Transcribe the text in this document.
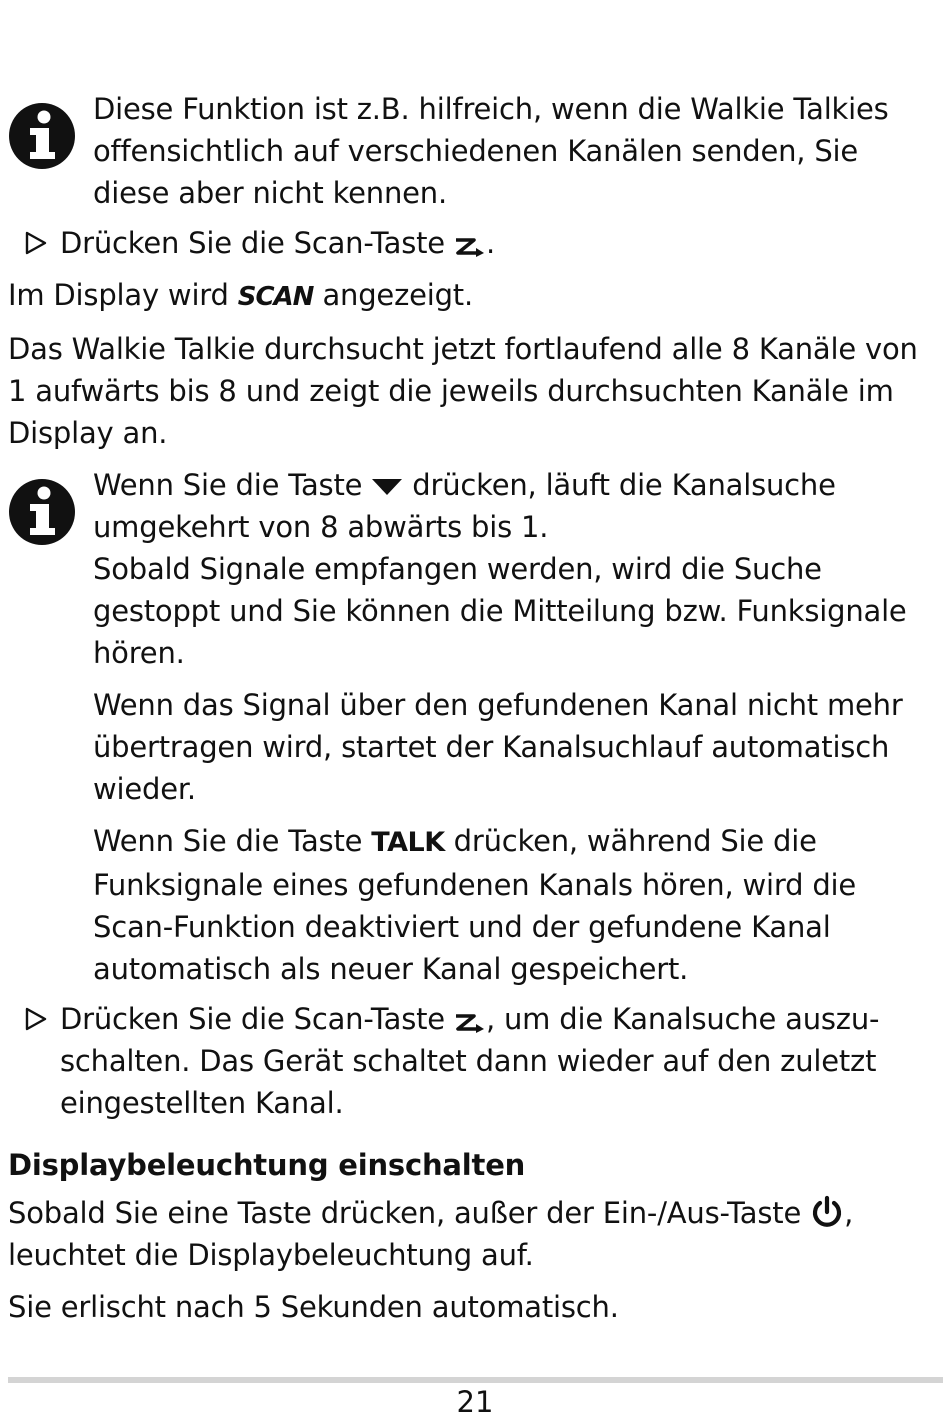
Diese Funktion ist z.B. hilfreich, wenn die Walkie Talkies offensichtlich auf verschiedenen Kanälen senden, Sie diese aber nicht kennen.

Drücken Sie die Scan-Taste .

Im Display wird SCAN angezeigt.

Das Walkie Talkie durchsucht jetzt fortlaufend alle 8 Kanäle von 1 aufwärts bis 8 und zeigt die jeweils durchsuchten Kanäle im Display an.

Wenn Sie die Taste  drücken, läuft die Kanalsuche umgekehrt von 8 abwärts bis 1.

Sobald Signale empfangen werden, wird die Suche gestoppt und Sie können die Mitteilung bzw. Funksignale hören.

Wenn das Signal über den gefundenen Kanal nicht mehr übertragen wird, startet der Kanalsuchlauf automatisch wieder.

Wenn Sie die Taste TALK drücken, während Sie die Funksignale eines gefundenen Kanals hören, wird die Scan-Funktion deaktiviert und der gefundene Kanal automatisch als neuer Kanal gespeichert.

Drücken Sie die Scan-Taste , um die Kanalsuche auszu-schalten. Das Gerät schaltet dann wieder auf den zuletzt eingestellten Kanal.
Displaybeleuchtung einschalten

Sobald Sie eine Taste drücken, außer der Ein-/Aus-Taste , leuchtet die Displaybeleuchtung auf.

Sie erlischt nach 5 Sekunden automatisch.

21
